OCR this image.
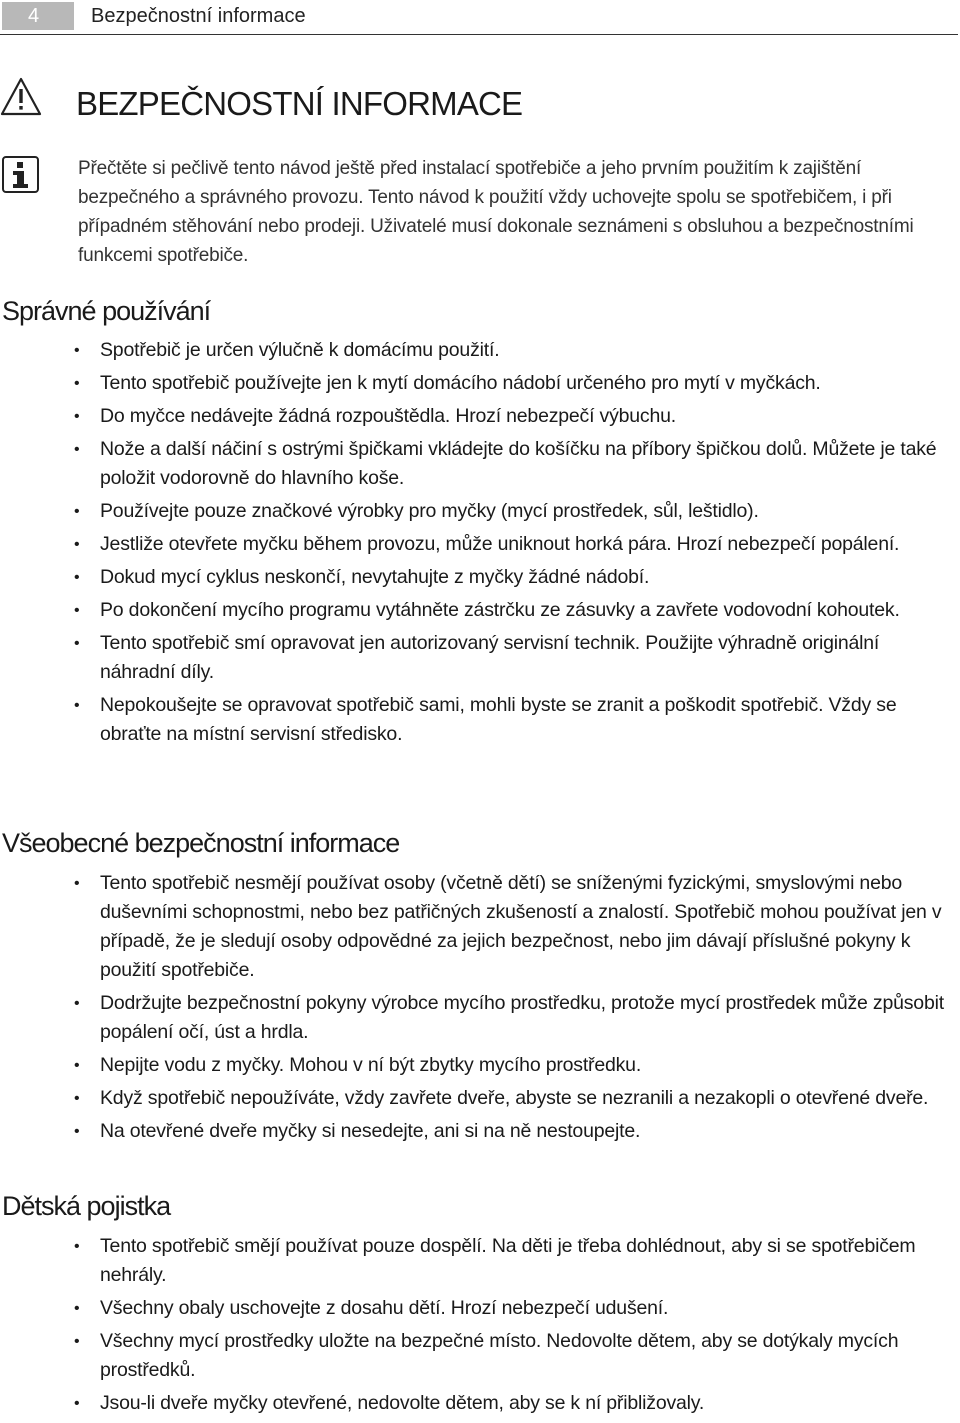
4	Bezpečnostní informace
BEZPEČNOSTNÍ INFORMACE

Přečtěte si pečlivě tento návod ještě před instalací spotřebiče a jeho prvním použitím k zajištění bezpečného a správného provozu. Tento návod k použití vždy uchovejte spolu se spotřebičem, i při případném stěhování nebo prodeji. Uživatelé musí dokonale seznámeni s obsluhou a bezpečnostními funkcemi spotřebiče.

Správné používání
• Spotřebič je určen výlučně k domácímu použití.
• Tento spotřebič používejte jen k mytí domácího nádobí určeného pro mytí v myčkách.
• Do myčce nedávejte žádná rozpouštědla. Hrozí nebezpečí výbuchu.
• Nože a další náčiní s ostrými špičkami vkládejte do košíčku na příbory špičkou dolů. Můžete je také položit vodorovně do hlavního koše.
• Používejte pouze značkové výrobky pro myčky (mycí prostředek, sůl, leštidlo).
• Jestliže otevřete myčku během provozu, může uniknout horká pára. Hrozí nebezpečí popálení.
• Dokud mycí cyklus neskončí, nevytahujte z myčky žádné nádobí.
• Po dokončení mycího programu vytáhněte zástrčku ze zásuvky a zavřete vodovodní kohoutek.
• Tento spotřebič smí opravovat jen autorizovaný servisní technik. Použijte výhradně originální náhradní díly.
• Nepokoušejte se opravovat spotřebič sami, mohli byste se zranit a poškodit spotřebič. Vždy se obraťte na místní servisní středisko.
Všeobecné bezpečnostní informace
• Tento spotřebič nesmějí používat osoby (včetně dětí) se sníženými fyzickými, smyslovými nebo duševními schopnostmi, nebo bez patřičných zkušeností a znalostí. Spotřebič mohou používat jen v případě, že je sledují osoby odpovědné za jejich bezpečnost, nebo jim dávají příslušné pokyny k použití spotřebiče.
• Dodržujte bezpečnostní pokyny výrobce mycího prostředku, protože mycí prostředek může způsobit popálení očí, úst a hrdla.
• Nepijte vodu z myčky. Mohou v ní být zbytky mycího prostředku.
• Když spotřebič nepoužíváte, vždy zavřete dveře, abyste se nezranili a nezakopli o otevřené dveře.
• Na otevřené dveře myčky si nesedejte, ani si na ně nestoupejte.
Dětská pojistka
• Tento spotřebič smějí používat pouze dospělí. Na děti je třeba dohlédnout, aby si se spotřebičem nehrály.
• Všechny obaly uschovejte z dosahu dětí. Hrozí nebezpečí udušení.
• Všechny mycí prostředky uložte na bezpečné místo. Nedovolte dětem, aby se dotýkaly mycích prostředků.
• Jsou-li dveře myčky otevřené, nedovolte dětem, aby se k ní přibližovaly.
